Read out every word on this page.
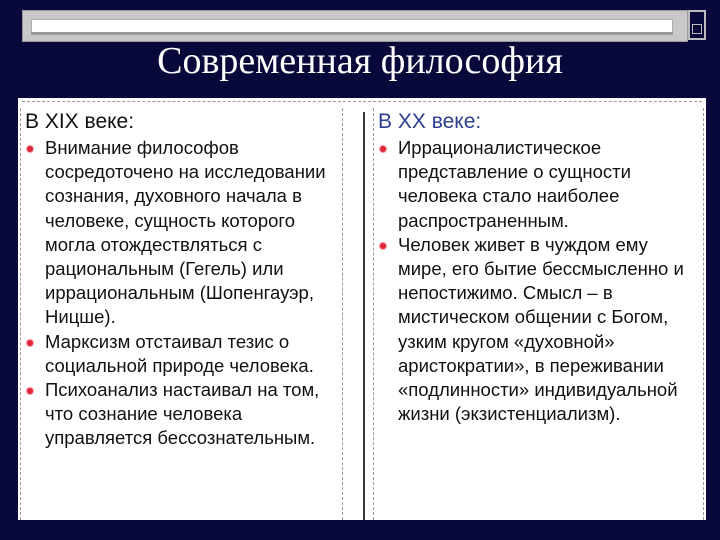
Современная философия
В XIX веке:
Внимание философов сосредоточено на исследовании сознания, духовного начала в человеке, сущность которого могла отождествляться с рациональным (Гегель) или иррациональным (Шопенгауэр, Ницше).
Марксизм отстаивал тезис о социальной природе человека.
Психоанализ настаивал на том, что сознание человека управляется бессознательным.
В XX веке:
Иррационалистическое представление о сущности человека стало наиболее распространенным.
Человек живет в чуждом ему мире, его бытие бессмысленно и непостижимо. Смысл – в мистическом общении с Богом, узким кругом «духовной» аристократии», в переживании «подлинности» индивидуальной жизни (экзистенциализм).
